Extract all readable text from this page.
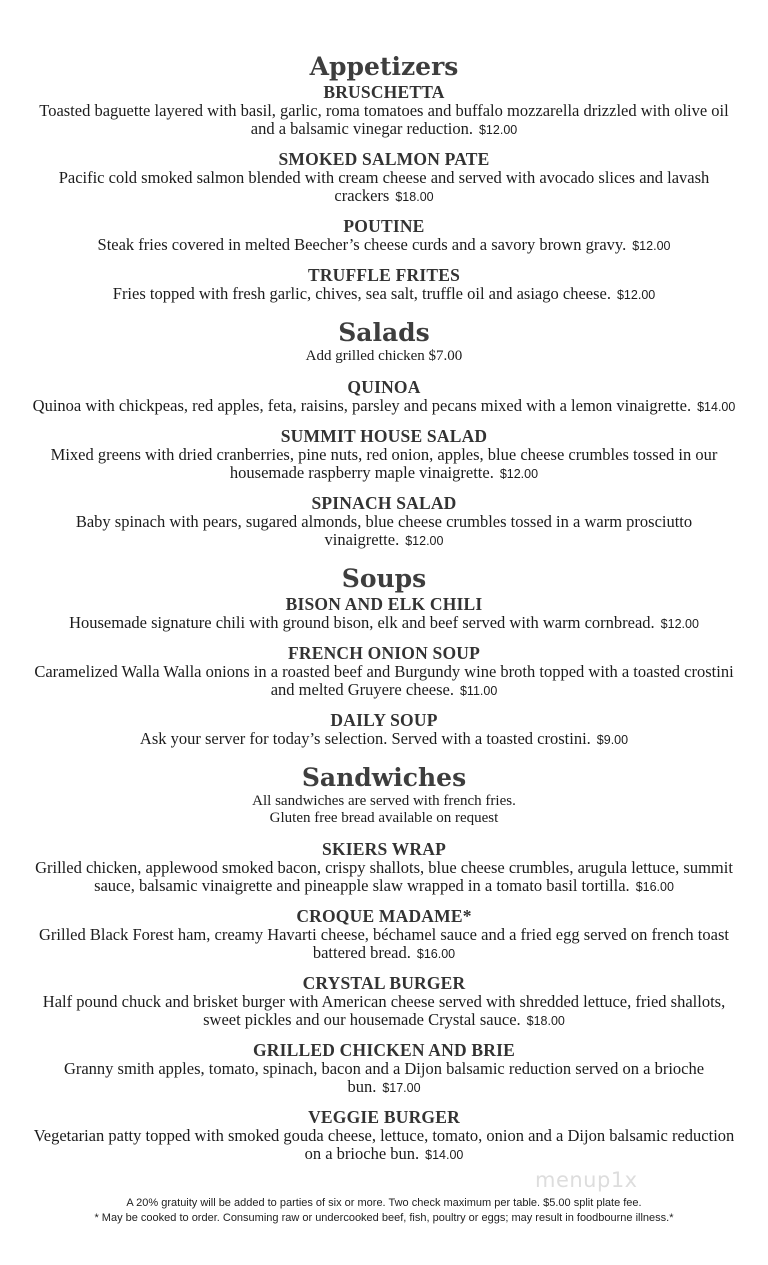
Appetizers
BRUSCHETTA
Toasted baguette layered with basil, garlic, roma tomatoes and buffalo mozzarella drizzled with olive oil and a balsamic vinegar reduction. $12.00
SMOKED SALMON PATE
Pacific cold smoked salmon blended with cream cheese and served with avocado slices and lavash crackers $18.00
POUTINE
Steak fries covered in melted Beecher’s cheese curds and a savory brown gravy. $12.00
TRUFFLE FRITES
Fries topped with fresh garlic, chives, sea salt, truffle oil and asiago cheese. $12.00
Salads
Add grilled chicken $7.00
QUINOA
Quinoa with chickpeas, red apples, feta, raisins, parsley and pecans mixed with a lemon vinaigrette. $14.00
SUMMIT HOUSE SALAD
Mixed greens with dried cranberries, pine nuts, red onion, apples, blue cheese crumbles tossed in our housemade raspberry maple vinaigrette. $12.00
SPINACH SALAD
Baby spinach with pears, sugared almonds, blue cheese crumbles tossed in a warm prosciutto vinaigrette. $12.00
Soups
BISON AND ELK CHILI
Housemade signature chili with ground bison, elk and beef served with warm cornbread. $12.00
FRENCH ONION SOUP
Caramelized Walla Walla onions in a roasted beef and Burgundy wine broth topped with a toasted crostini and melted Gruyere cheese. $11.00
DAILY SOUP
Ask your server for today’s selection. Served with a toasted crostini. $9.00
Sandwiches
All sandwiches are served with french fries.
Gluten free bread available on request
SKIERS WRAP
Grilled chicken, applewood smoked bacon, crispy shallots, blue cheese crumbles, arugula lettuce, summit sauce, balsamic vinaigrette and pineapple slaw wrapped in a tomato basil tortilla. $16.00
CROQUE MADAME*
Grilled Black Forest ham, creamy Havarti cheese, béchamel sauce and a fried egg served on french toast battered bread. $16.00
CRYSTAL BURGER
Half pound chuck and brisket burger with American cheese served with shredded lettuce, fried shallots, sweet pickles and our housemade Crystal sauce. $18.00
GRILLED CHICKEN AND BRIE
Granny smith apples, tomato, spinach, bacon and a Dijon balsamic reduction served on a brioche bun. $17.00
VEGGIE BURGER
Vegetarian patty topped with smoked gouda cheese, lettuce, tomato, onion and a Dijon balsamic reduction on a brioche bun. $14.00
menup1x
A 20% gratuity will be added to parties of six or more. Two check maximum per table. $5.00 split plate fee.
* May be cooked to order. Consuming raw or undercooked beef, fish, poultry or eggs; may result in foodbourne illness.*
